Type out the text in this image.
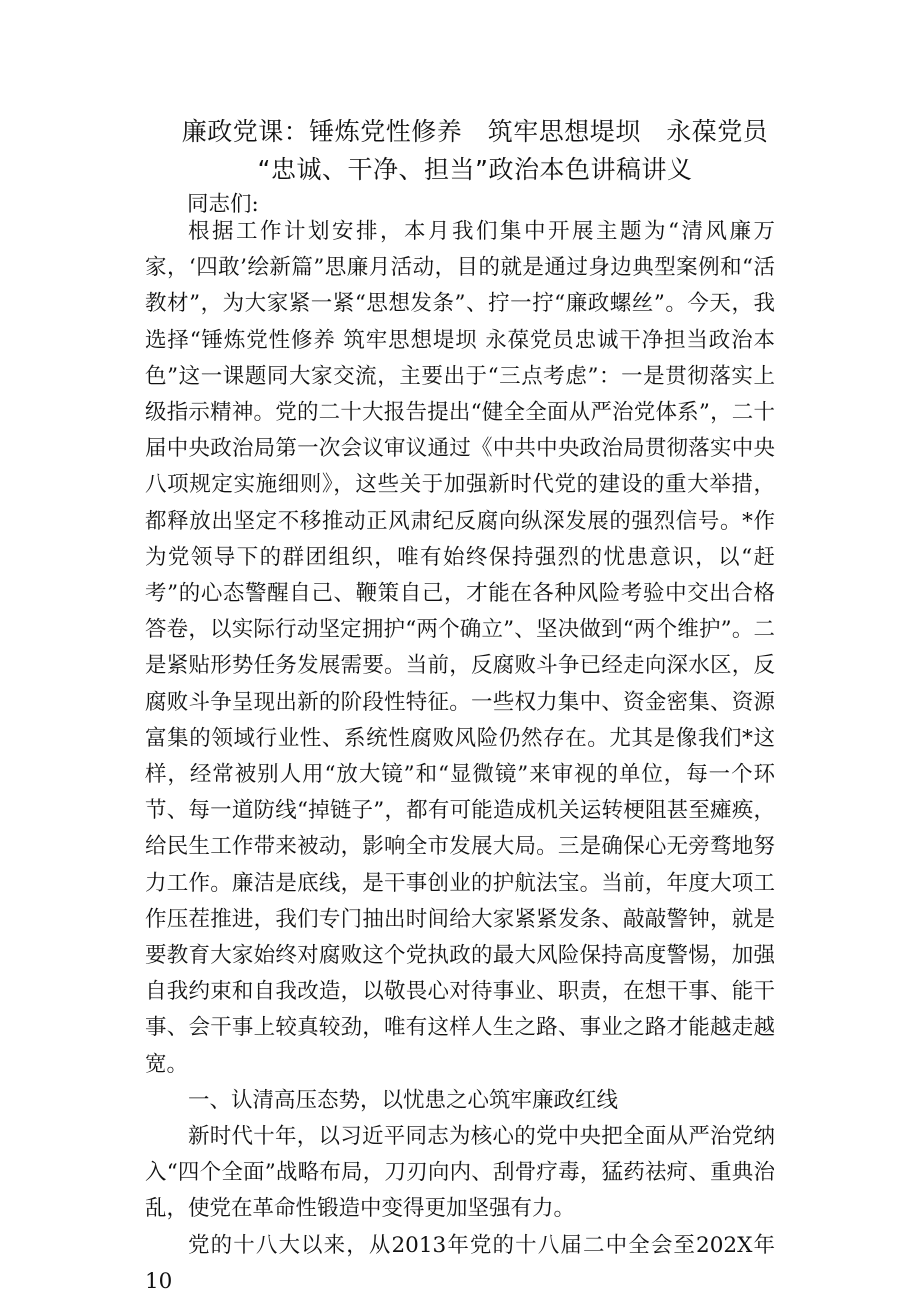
廉政党课：锤炼党性修养　筑牢思想堤坝　永葆党员
“忠诚、干净、担当”政治本色讲稿讲义

同志们:

根据工作计划安排，本月我们集中开展主题为“清风廉万家，‘四敢’绘新篇”思廉月活动，目的就是通过身边典型案例和“活教材”，为大家紧一紧“思想发条”、拧一拧“廉政螺丝”。今天，我选择“锤炼党性修养 筑牢思想堤坝 永葆党员忠诚干净担当政治本色”这一课题同大家交流，主要出于“三点考虑”：一是贯彻落实上级指示精神。党的二十大报告提出“健全全面从严治党体系”，二十届中央政治局第一次会议审议通过《中共中央政治局贯彻落实中央八项规定实施细则》，这些关于加强新时代党的建设的重大举措，都释放出坚定不移推动正风肃纪反腐向纵深发展的强烈信号。*作为党领导下的群团组织，唯有始终保持强烈的忧患意识，以“赶考”的心态警醒自己、鞭策自己，才能在各种风险考验中交出合格答卷，以实际行动坚定拥护“两个确立”、坚决做到“两个维护”。二是紧贴形势任务发展需要。当前，反腐败斗争已经走向深水区，反腐败斗争呈现出新的阶段性特征。一些权力集中、资金密集、资源富集的领域行业性、系统性腐败风险仍然存在。尤其是像我们*这样，经常被别人用“放大镜”和“显微镜”来审视的单位，每一个环节、每一道防线“掉链子”，都有可能造成机关运转梗阻甚至瘫痪，给民生工作带来被动，影响全市发展大局。三是确保心无旁骛地努力工作。廉洁是底线，是干事创业的护航法宝。当前，年度大项工作压茬推进，我们专门抽出时间给大家紧紧发条、敲敲警钟，就是要教育大家始终对腐败这个党执政的最大风险保持高度警惕，加强自我约束和自我改造，以敬畏心对待事业、职责，在想干事、能干事、会干事上较真较劲，唯有这样人生之路、事业之路才能越走越宽。

一、认清高压态势，以忧患之心筑牢廉政红线

新时代十年，以习近平同志为核心的党中央把全面从严治党纳入“四个全面”战略布局，刀刃向内、刮骨疗毒，猛药祛疴、重典治乱，使党在革命性锻造中变得更加坚强有力。

党的十八大以来，从2013年党的十八届二中全会至202X年10
